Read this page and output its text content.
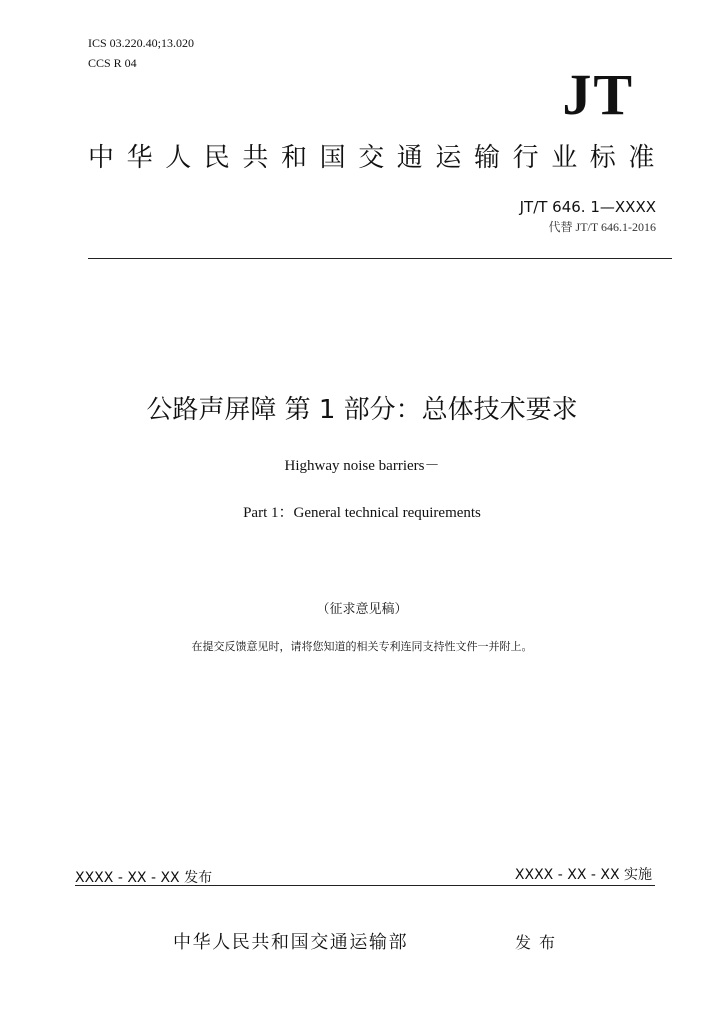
ICS 03.220.40;13.020
CCS R 04	JT
中华人民共和国交通运输行业标准
JT/T 646. 1—XXXX
代替 JT/T 646.1-2016
公路声屏障 第 1 部分：总体技术要求
Highway noise barriers－
Part 1：General technical requirements
（征求意见稿）
在提交反馈意见时，请将您知道的相关专利连同支持性文件一并附上。
XXXX - XX - XX 发布	XXXX - XX - XX 实施
中华人民共和国交通运输部	发布
